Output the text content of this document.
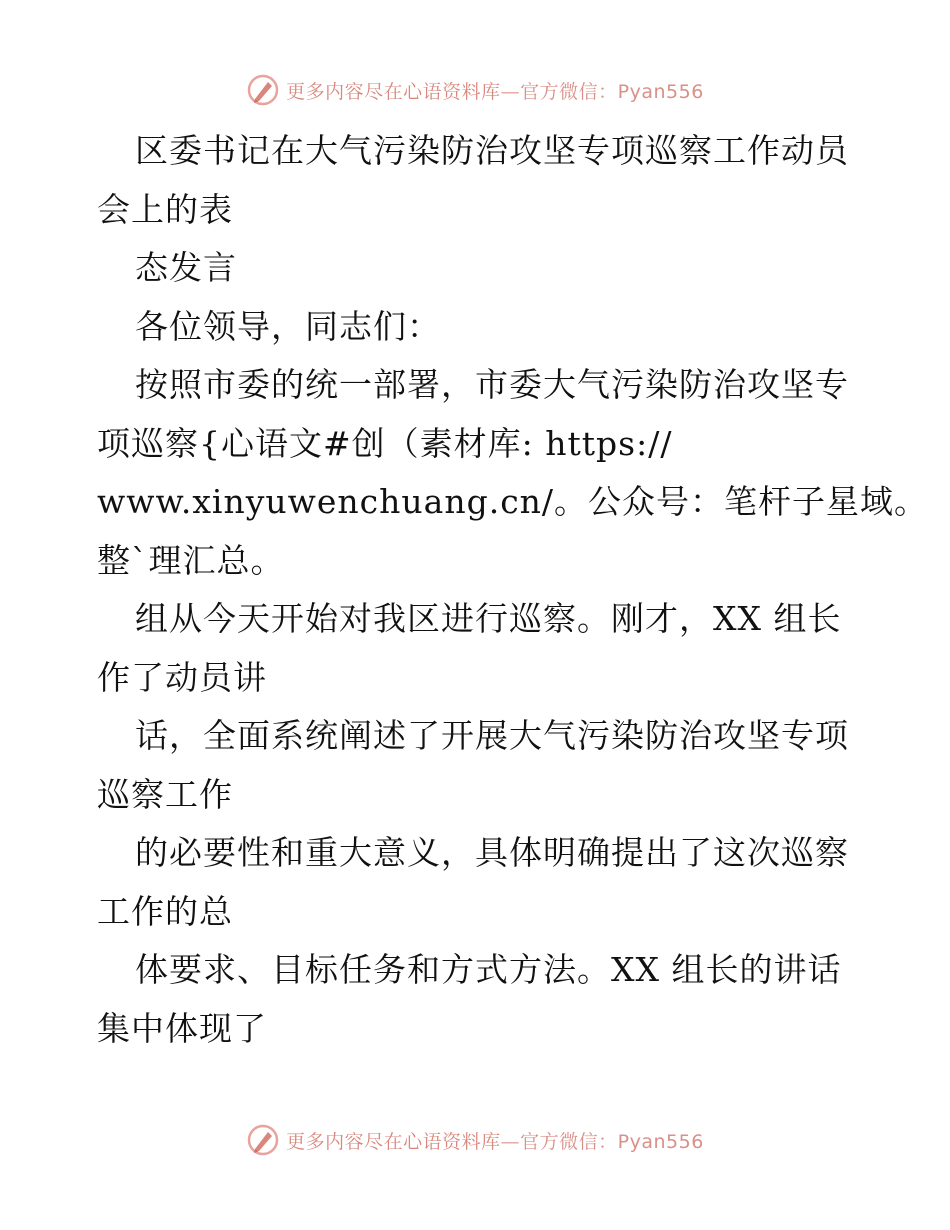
更多内容尽在心语资料库—官方微信：Pyan556
区委书记在大气污染防治攻坚专项巡察工作动员
会上的表
态发言
各位领导，同志们：
按照市委的统一部署，市委大气污染防治攻坚专
项巡察{心语文#创（素材库: https://
www.xinyuwenchuang.cn/。公众号：笔杆子星域。
整`理汇总。
组从今天开始对我区进行巡察。刚才，XX 组长
作了动员讲
话，全面系统阐述了开展大气污染防治攻坚专项
巡察工作
的必要性和重大意义，具体明确提出了这次巡察
工作的总
体要求、目标任务和方式方法。XX 组长的讲话
集中体现了
更多内容尽在心语资料库—官方微信：Pyan556
